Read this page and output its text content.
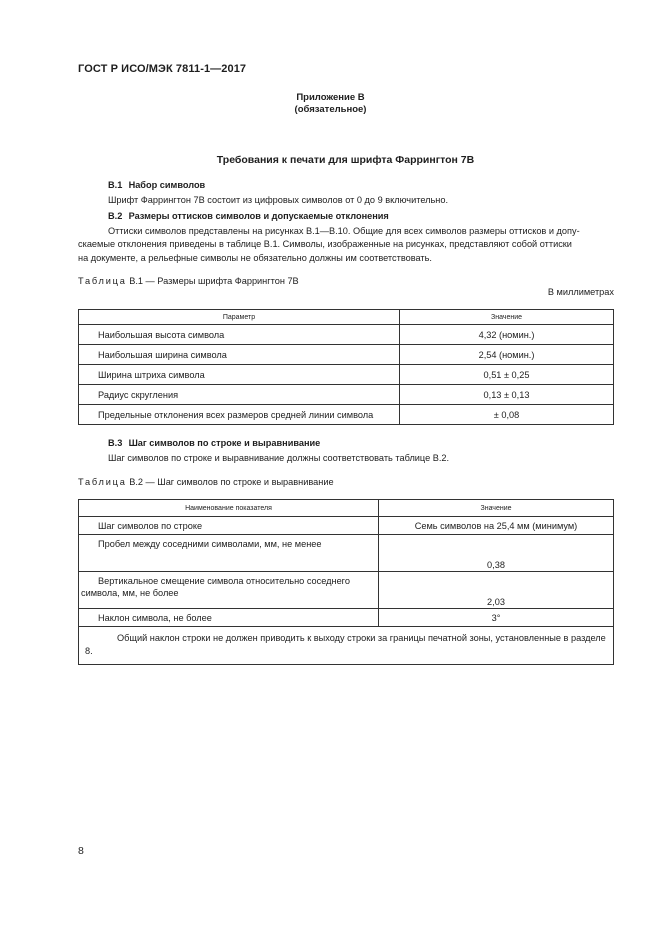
ГОСТ Р ИСО/МЭК 7811-1—2017
Приложение В
(обязательное)
Требования к печати для шрифта Фаррингтон 7В
В.1 Набор символов
Шрифт Фаррингтон 7В состоит из цифровых символов от 0 до 9 включительно.
В.2 Размеры оттисков символов и допускаемые отклонения
Оттиски символов представлены на рисунках В.1—В.10. Общие для всех символов размеры оттисков и допу-
скаемые отклонения приведены в таблице В.1. Символы, изображенные на рисунках, представляют собой оттиски
на документе, а рельефные символы не обязательно должны им соответствовать.
Таблица В.1 — Размеры шрифта Фаррингтон 7В
В миллиметрах
Параметр	Значение
Наибольшая высота символа	4,32 (номин.)
Наибольшая ширина символа	2,54 (номин.)
Ширина штриха символа	0,51 ± 0,25
Радиус скругления	0,13 ± 0,13
Предельные отклонения всех размеров средней линии символа	± 0,08
В.3 Шаг символов по строке и выравнивание
Шаг символов по строке и выравнивание должны соответствовать таблице В.2.
Таблица В.2 — Шаг символов по строке и выравнивание
Наименование показателя	Значение
Шаг символов по строке	Семь символов на 25,4 мм (минимум)
Пробел между соседними символами, мм, не менее	0,38

Вертикальное смещение символа относительно соседнего
символа, мм, не более	2,03
Наклон символа, не более	3°

Общий наклон строки не должен приводить к выходу строки за границы печатной зоны, установленные в разделе 8.	
8
